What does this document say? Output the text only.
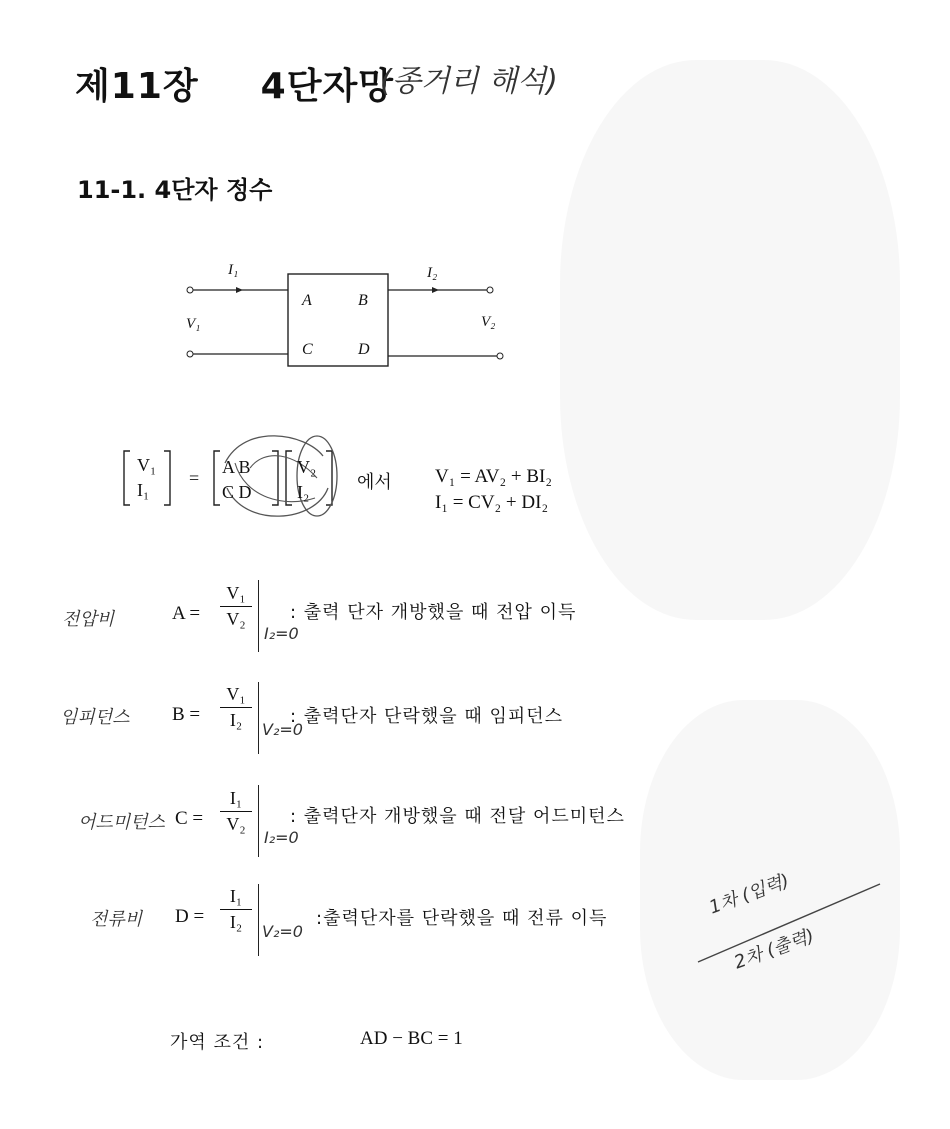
제11장 4단자망
(종거리 해석)
11-1. 4단자 정수
I₁	I₂
V₁	V₂
A	B
C	D
V₁
I₁
=
A B
C D
V₂
I₂	에서 V₁ = AV₂ + BI₂
I₁ = CV₂ + DI₂
전압비	A =
V₁
V₂
I₂=0
: 출력 단자 개방했을 때 전압 이득
임피던스 B =
V₁
I₂	V₂=0
: 출력단자 단락했을 때 임피던스
어드미턴스 C =
I₁
V₂
I₂=0
: 출력단자 개방했을 때 전달 어드미턴스
전류비 D =
I₁
I₂	V₂=0
:출력단자를 단락했을 때 전류 이득
1차 (입력)
2차 (출력)
가역 조건 :	AD − BC = 1
